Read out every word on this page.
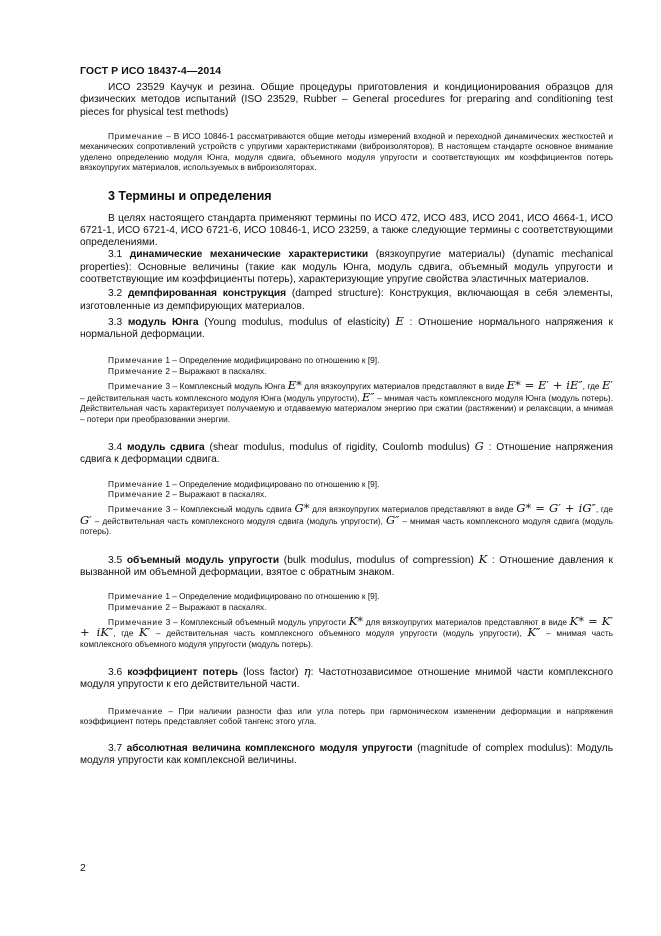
ГОСТ Р ИСО 18437-4—2014

ИСО 23529 Каучук и резина. Общие процедуры приготовления и кондиционирования образцов для физических методов испытаний (ISO 23529, Rubber – General procedures for preparing and conditioning test pieces for physical test methods)

Примечание – В ИСО 10846-1 рассматриваются общие методы измерений входной и переходной динамических жесткостей и механических сопротивлений устройств с упругими характеристиками (виброизоляторов). В настоящем стандарте основное внимание уделено определению модуля Юнга, модуля сдвига, объемного модуля упругости и соответствующих им коэффициентов потерь вязкоупругих материалов, используемых в виброизоляторах.

3 Термины и определения

В целях настоящего стандарта применяют термины по ИСО 472, ИСО 483, ИСО 2041, ИСО 4664-1, ИСО 6721-1, ИСО 6721-4, ИСО 6721-6, ИСО 10846-1, ИСО 23259, а также следующие термины с соответствующими определениями.

3.1 динамические механические характеристики (вязкоупругие материалы) (dynamic mechanical properties): Основные величины (такие как модуль Юнга, модуль сдвига, объемный модуль упругости и соответствующие им коэффициенты потерь), характеризующие упругие свойства эластичных материалов.

3.2 демпфированная конструкция (damped structure): Конструкция, включающая в себя элементы, изготовленные из демпфирующих материалов.

3.3 модуль Юнга (Young modulus, modulus of elasticity) E : Отношение нормального напряжения к нормальной деформации.

Примечание 1 – Определение модифицировано по отношению к [9].

Примечание 2 – Выражают в паскалях.

Примечание 3 – Комплексный модуль Юнга E* для вязкоупругих материалов представляют в виде E* = E′ + iE″, где E′ – действительная часть комплексного модуля Юнга (модуль упругости), E″ – мнимая часть комплексного модуля Юнга (модуль потерь). Действительная часть характеризует получаемую и отдаваемую материалом энергию при сжатии (растяжении) и релаксации, а мнимая – потери при преобразовании энергии.

3.4 модуль сдвига (shear modulus, modulus of rigidity, Coulomb modulus) G : Отношение напряжения сдвига к деформации сдвига.

Примечание 1 – Определение модифицировано по отношению к [9].

Примечание 2 – Выражают в паскалях.

Примечание 3 – Комплексный модуль сдвига G* для вязкоупругих материалов представляют в виде G* = G′ + iG″, где G′ – действительная часть комплексного модуля сдвига (модуль упругости), G″ – мнимая часть комплексного модуля сдвига (модуль потерь).

3.5 объемный модуль упругости (bulk modulus, modulus of compression) K : Отношение давления к вызванной им объемной деформации, взятое с обратным знаком.

Примечание 1 – Определение модифицировано по отношению к [9].

Примечание 2 – Выражают в паскалях.

Примечание 3 – Комплексный объемный модуль упругости K* для вязкоупругих материалов представляют в виде K* = K′ + iK″, где K′ – действительная часть комплексного объемного модуля упругости (модуль упругости), K″ – мнимая часть комплексного объемного модуля упругости (модуль потерь).

3.6 коэффициент потерь (loss factor) η: Частотнозависимое отношение мнимой части комплексного модуля упругости к его действительной части.

Примечание – При наличии разности фаз или угла потерь при гармоническом изменении деформации и напряжения коэффициент потерь представляет собой тангенс этого угла.

3.7 абсолютная величина комплексного модуля упругости (magnitude of complex modulus): Модуль модуля упругости как комплексной величины.

2
